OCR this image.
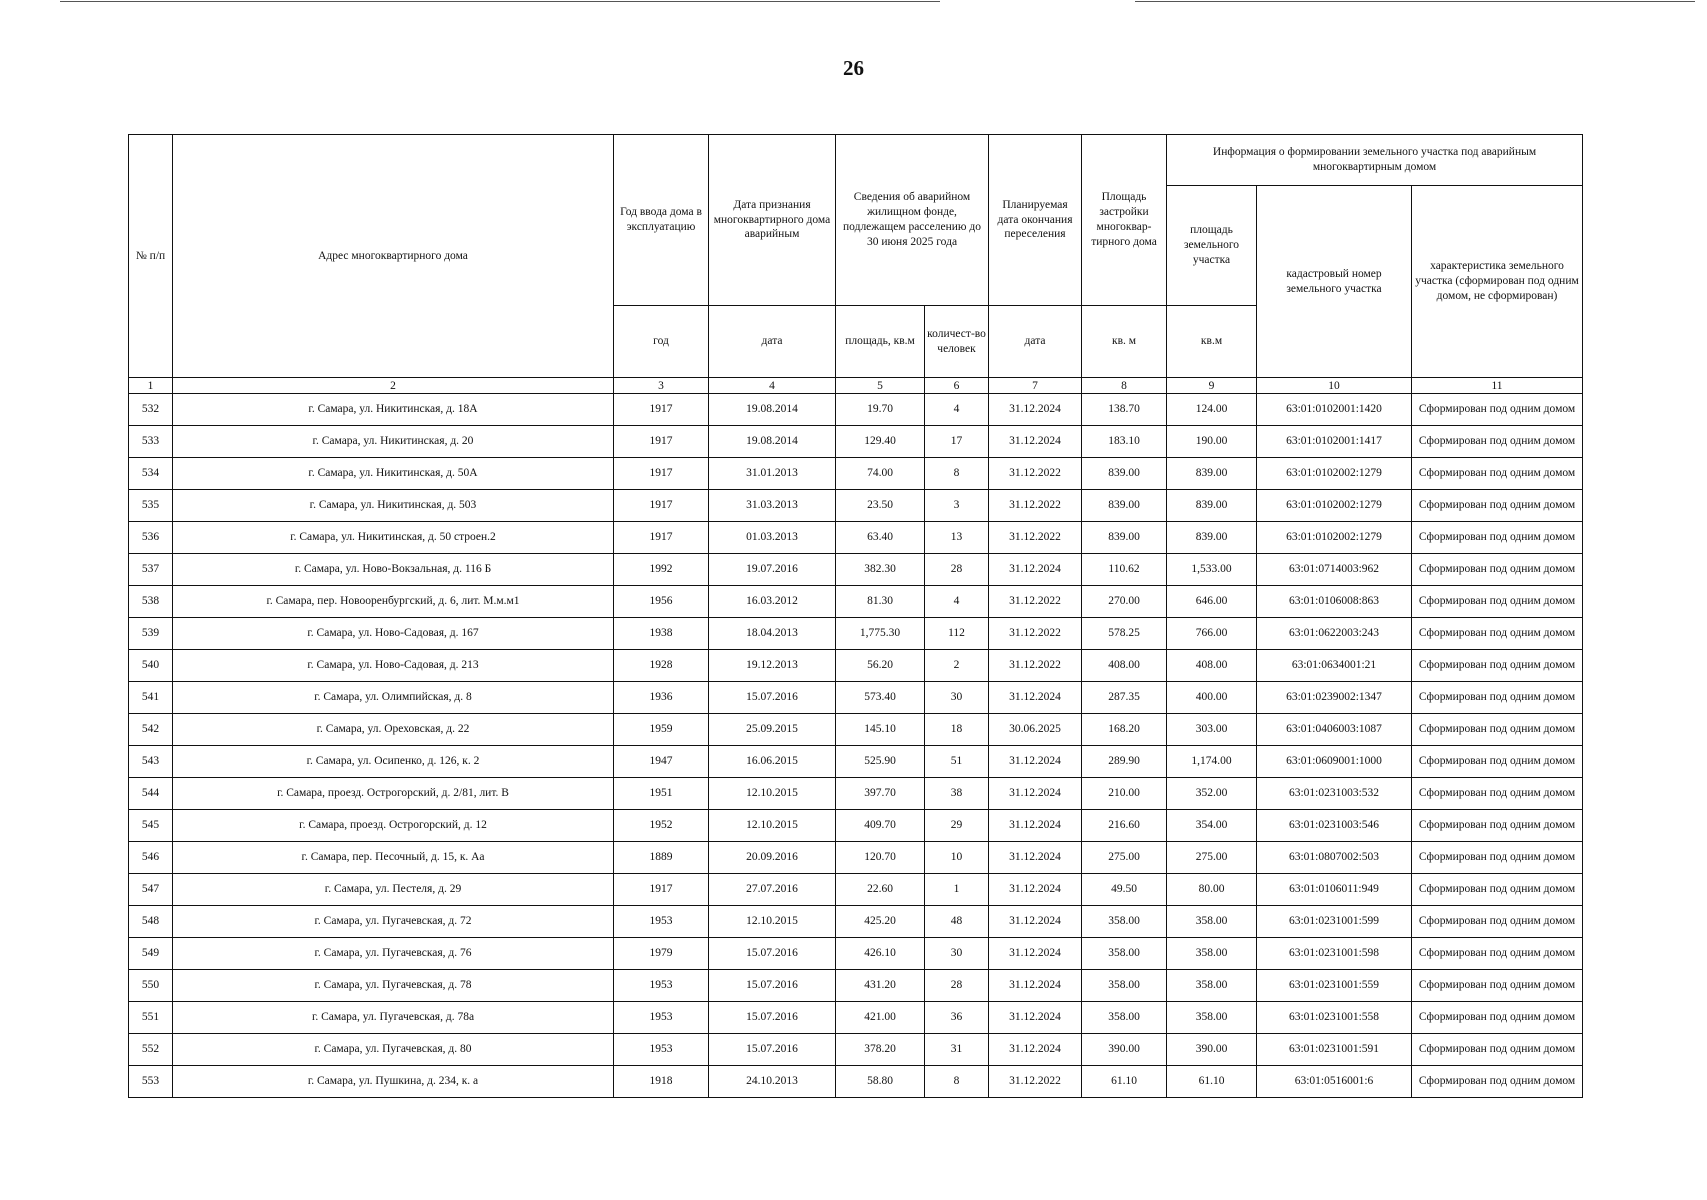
26
№ п/п	Адрес многоквартирного дома	Год ввода дома в эксплуатацию	Дата признания многоквартирного дома аварийным	Сведения об аварийном жилищном фонде, подлежащем расселению до 30 июня 2025 года		Планируемая дата окончания переселения	Площадь застройки многоквар-тирного дома	Информация о формировании земельного участка под аварийным многоквартирным домом		
								площадь земельного участка	кадастровый номер земельного участка	характеристика земельного участка (сформирован под одним домом, не сформирован)
		год	дата	площадь, кв.м	количест-во человек	дата	кв. м	кв.м		
1	2	3	4	5	6	7	8	9	10	11
532	г. Самара, ул. Никитинская, д. 18А	1917	19.08.2014	19.70	4	31.12.2024	138.70	124.00	63:01:0102001:1420	Сформирован под одним домом
533	г. Самара, ул. Никитинская, д. 20	1917	19.08.2014	129.40	17	31.12.2024	183.10	190.00	63:01:0102001:1417	Сформирован под одним домом
534	г. Самара, ул. Никитинская, д. 50А	1917	31.01.2013	74.00	8	31.12.2022	839.00	839.00	63:01:0102002:1279	Сформирован под одним домом
535	г. Самара, ул. Никитинская, д. 503	1917	31.03.2013	23.50	3	31.12.2022	839.00	839.00	63:01:0102002:1279	Сформирован под одним домом
536	г. Самара, ул. Никитинская, д. 50 строен.2	1917	01.03.2013	63.40	13	31.12.2022	839.00	839.00	63:01:0102002:1279	Сформирован под одним домом
537	г. Самара, ул. Ново-Вокзальная, д. 116 Б	1992	19.07.2016	382.30	28	31.12.2024	110.62	1,533.00	63:01:0714003:962	Сформирован под одним домом
538	г. Самара, пер. Новооренбургский, д. 6, лит. М.м.м1	1956	16.03.2012	81.30	4	31.12.2022	270.00	646.00	63:01:0106008:863	Сформирован под одним домом
539	г. Самара, ул. Ново-Садовая, д. 167	1938	18.04.2013	1,775.30	112	31.12.2022	578.25	766.00	63:01:0622003:243	Сформирован под одним домом
540	г. Самара, ул. Ново-Садовая, д. 213	1928	19.12.2013	56.20	2	31.12.2022	408.00	408.00	63:01:0634001:21	Сформирован под одним домом
541	г. Самара, ул. Олимпийская, д. 8	1936	15.07.2016	573.40	30	31.12.2024	287.35	400.00	63:01:0239002:1347	Сформирован под одним домом
542	г. Самара, ул. Ореховская, д. 22	1959	25.09.2015	145.10	18	30.06.2025	168.20	303.00	63:01:0406003:1087	Сформирован под одним домом
543	г. Самара, ул. Осипенко, д. 126, к. 2	1947	16.06.2015	525.90	51	31.12.2024	289.90	1,174.00	63:01:0609001:1000	Сформирован под одним домом
544	г. Самара, проезд. Острогорский, д. 2/81, лит. В	1951	12.10.2015	397.70	38	31.12.2024	210.00	352.00	63:01:0231003:532	Сформирован под одним домом
545	г. Самара, проезд. Острогорский, д. 12	1952	12.10.2015	409.70	29	31.12.2024	216.60	354.00	63:01:0231003:546	Сформирован под одним домом
546	г. Самара, пер. Песочный, д. 15, к. Аа	1889	20.09.2016	120.70	10	31.12.2024	275.00	275.00	63:01:0807002:503	Сформирован под одним домом
547	г. Самара, ул. Пестеля, д. 29	1917	27.07.2016	22.60	1	31.12.2024	49.50	80.00	63:01:0106011:949	Сформирован под одним домом
548	г. Самара, ул. Пугачевская, д. 72	1953	12.10.2015	425.20	48	31.12.2024	358.00	358.00	63:01:0231001:599	Сформирован под одним домом
549	г. Самара, ул. Пугачевская, д. 76	1979	15.07.2016	426.10	30	31.12.2024	358.00	358.00	63:01:0231001:598	Сформирован под одним домом
550	г. Самара, ул. Пугачевская, д. 78	1953	15.07.2016	431.20	28	31.12.2024	358.00	358.00	63:01:0231001:559	Сформирован под одним домом
551	г. Самара, ул. Пугачевская, д. 78а	1953	15.07.2016	421.00	36	31.12.2024	358.00	358.00	63:01:0231001:558	Сформирован под одним домом
552	г. Самара, ул. Пугачевская, д. 80	1953	15.07.2016	378.20	31	31.12.2024	390.00	390.00	63:01:0231001:591	Сформирован под одним домом
553	г. Самара, ул. Пушкина, д. 234, к. а	1918	24.10.2013	58.80	8	31.12.2022	61.10	61.10	63:01:0516001:6	Сформирован под одним домом
